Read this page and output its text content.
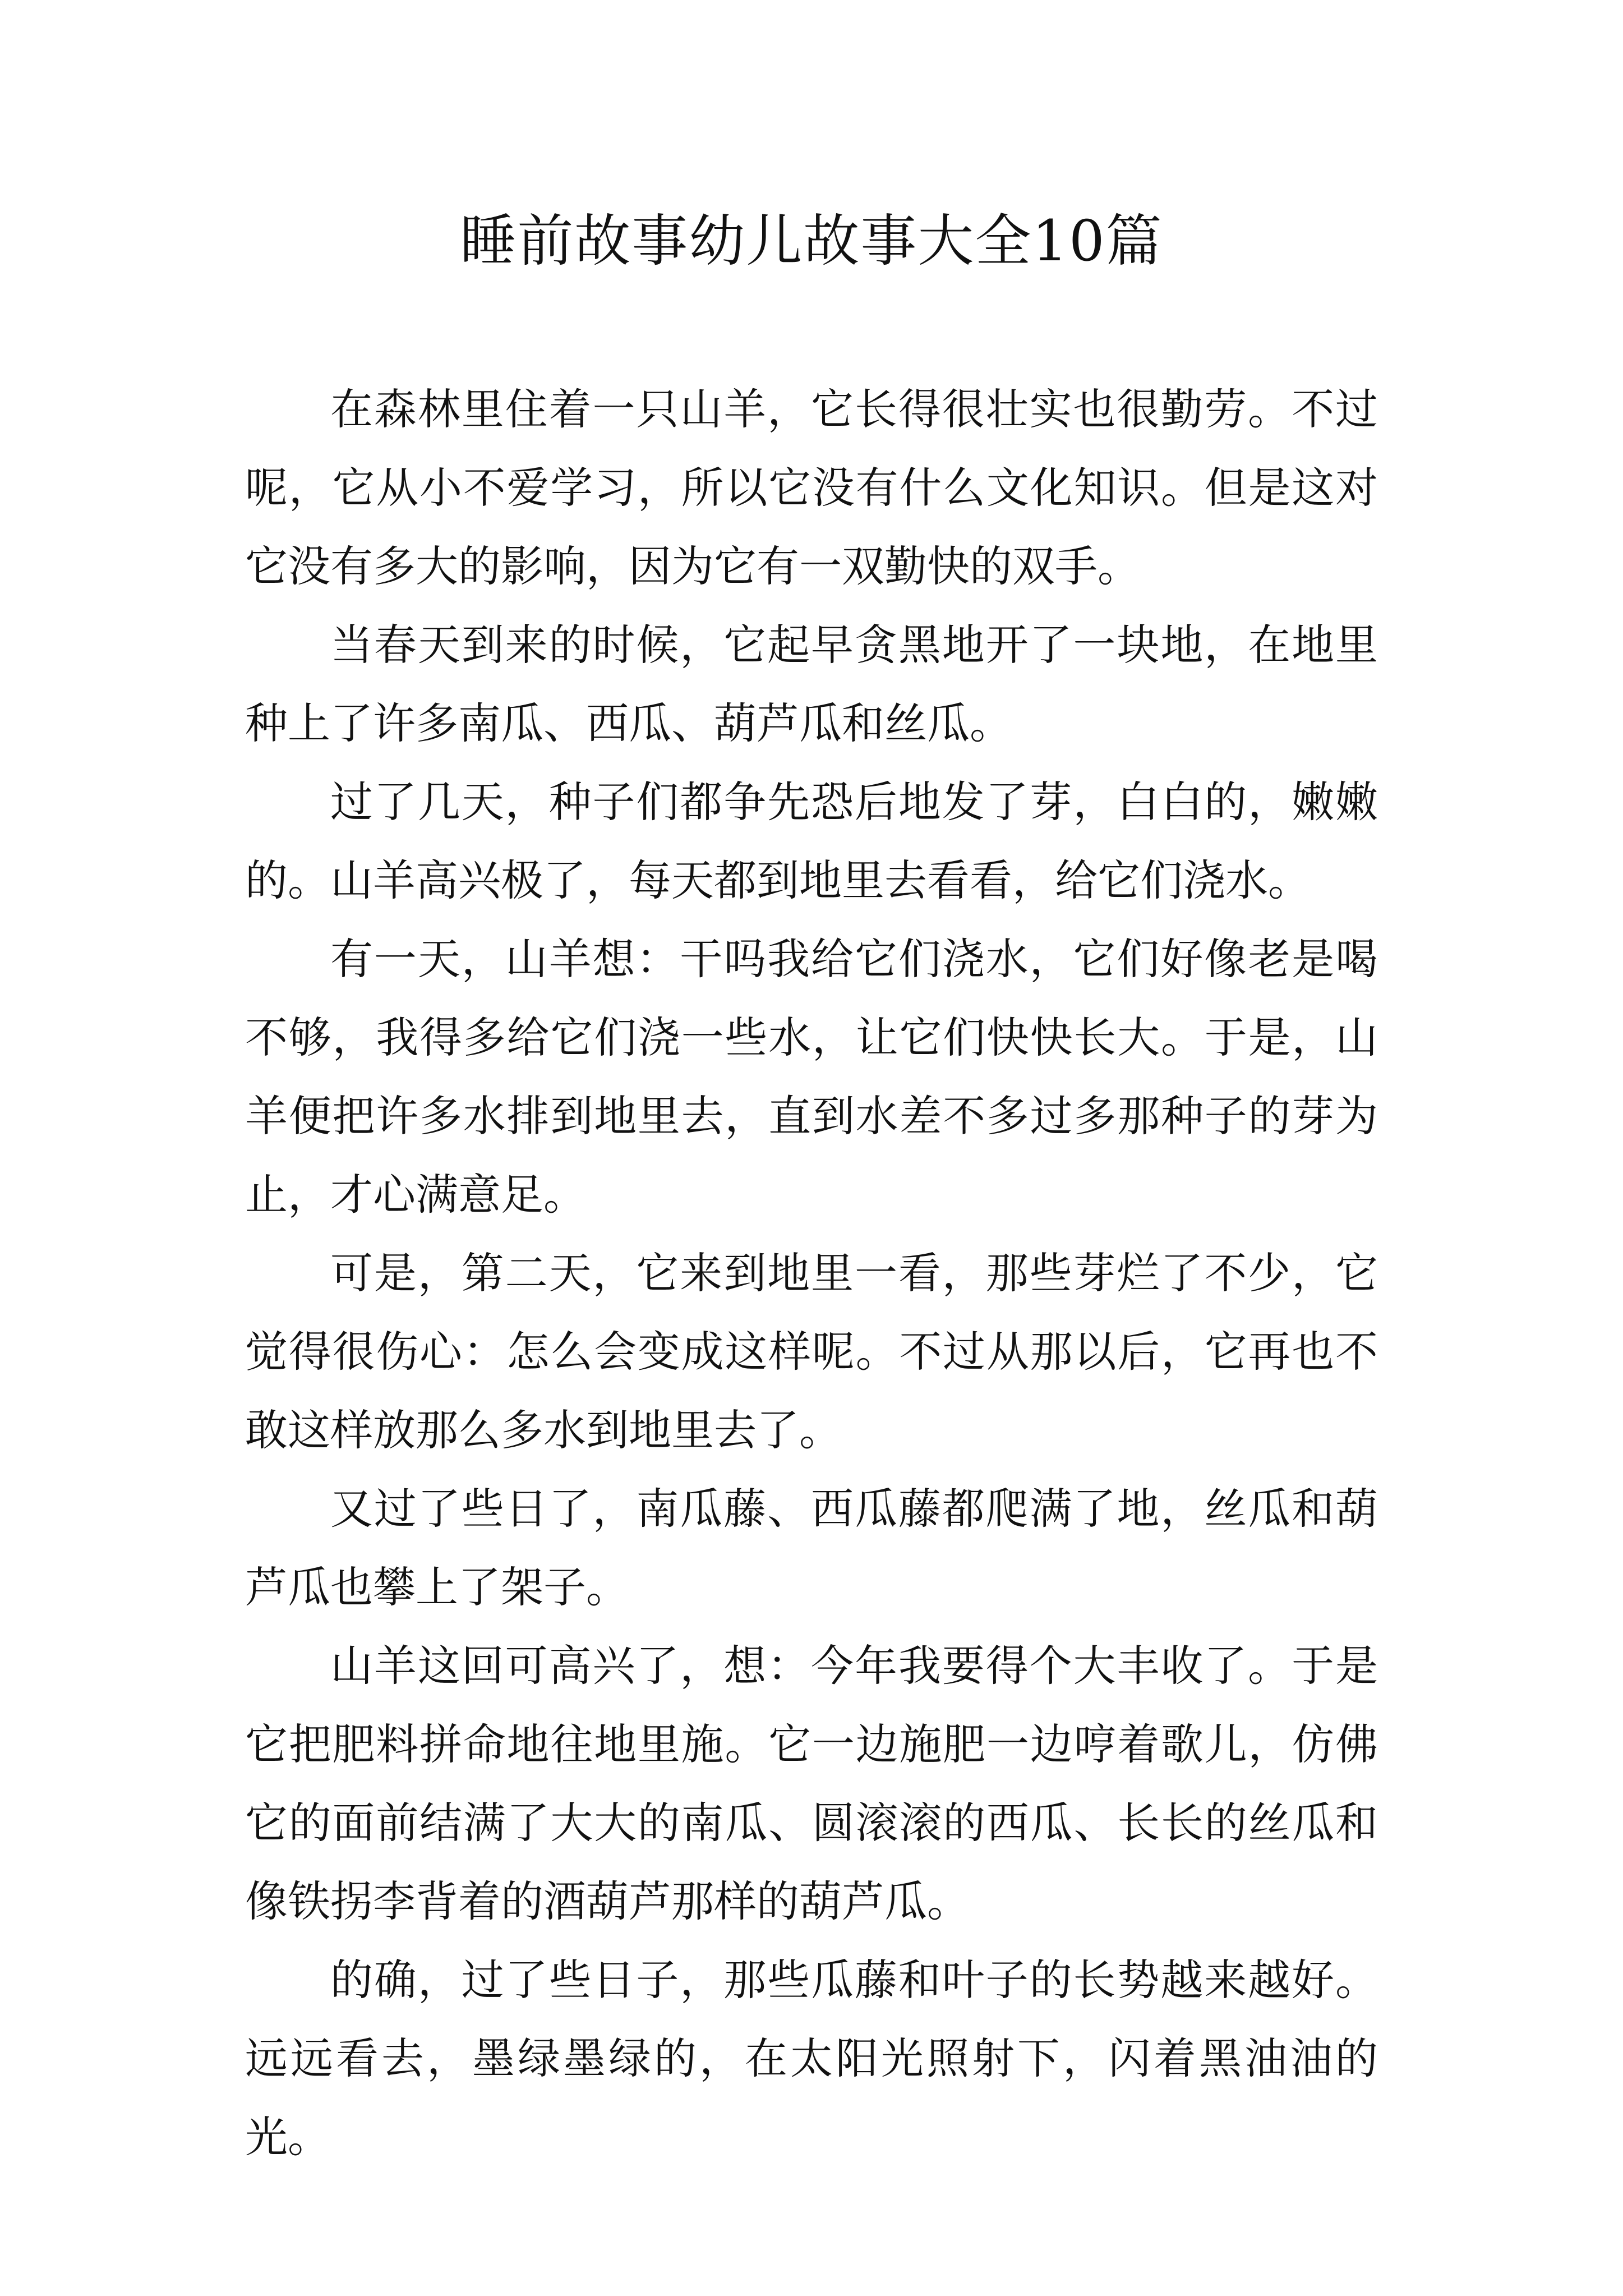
睡前故事幼儿故事大全10篇

在森林里住着一只山羊，它长得很壮实也很勤劳。不过呢，它从小不爱学习，所以它没有什么文化知识。但是这对它没有多大的影响，因为它有一双勤快的双手。

当春天到来的时候，它起早贪黑地开了一块地，在地里种上了许多南瓜、西瓜、葫芦瓜和丝瓜。

过了几天，种子们都争先恐后地发了芽，白白的，嫩嫩的。山羊高兴极了，每天都到地里去看看，给它们浇水。

有一天，山羊想：干吗我给它们浇水，它们好像老是喝不够，我得多给它们浇一些水，让它们快快长大。于是，山羊便把许多水排到地里去，直到水差不多过多那种子的芽为止，才心满意足。

可是，第二天，它来到地里一看，那些芽烂了不少，它觉得很伤心：怎么会变成这样呢。不过从那以后，它再也不敢这样放那么多水到地里去了。

又过了些日了，南瓜藤、西瓜藤都爬满了地，丝瓜和葫芦瓜也攀上了架子。

山羊这回可高兴了，想：今年我要得个大丰收了。于是它把肥料拼命地往地里施。它一边施肥一边哼着歌儿，仿佛它的面前结满了大大的南瓜、圆滚滚的西瓜、长长的丝瓜和像铁拐李背着的酒葫芦那样的葫芦瓜。

的确，过了些日子，那些瓜藤和叶子的长势越来越好。远远看去，墨绿墨绿的，在太阳光照射下，闪着黑油油的光。
